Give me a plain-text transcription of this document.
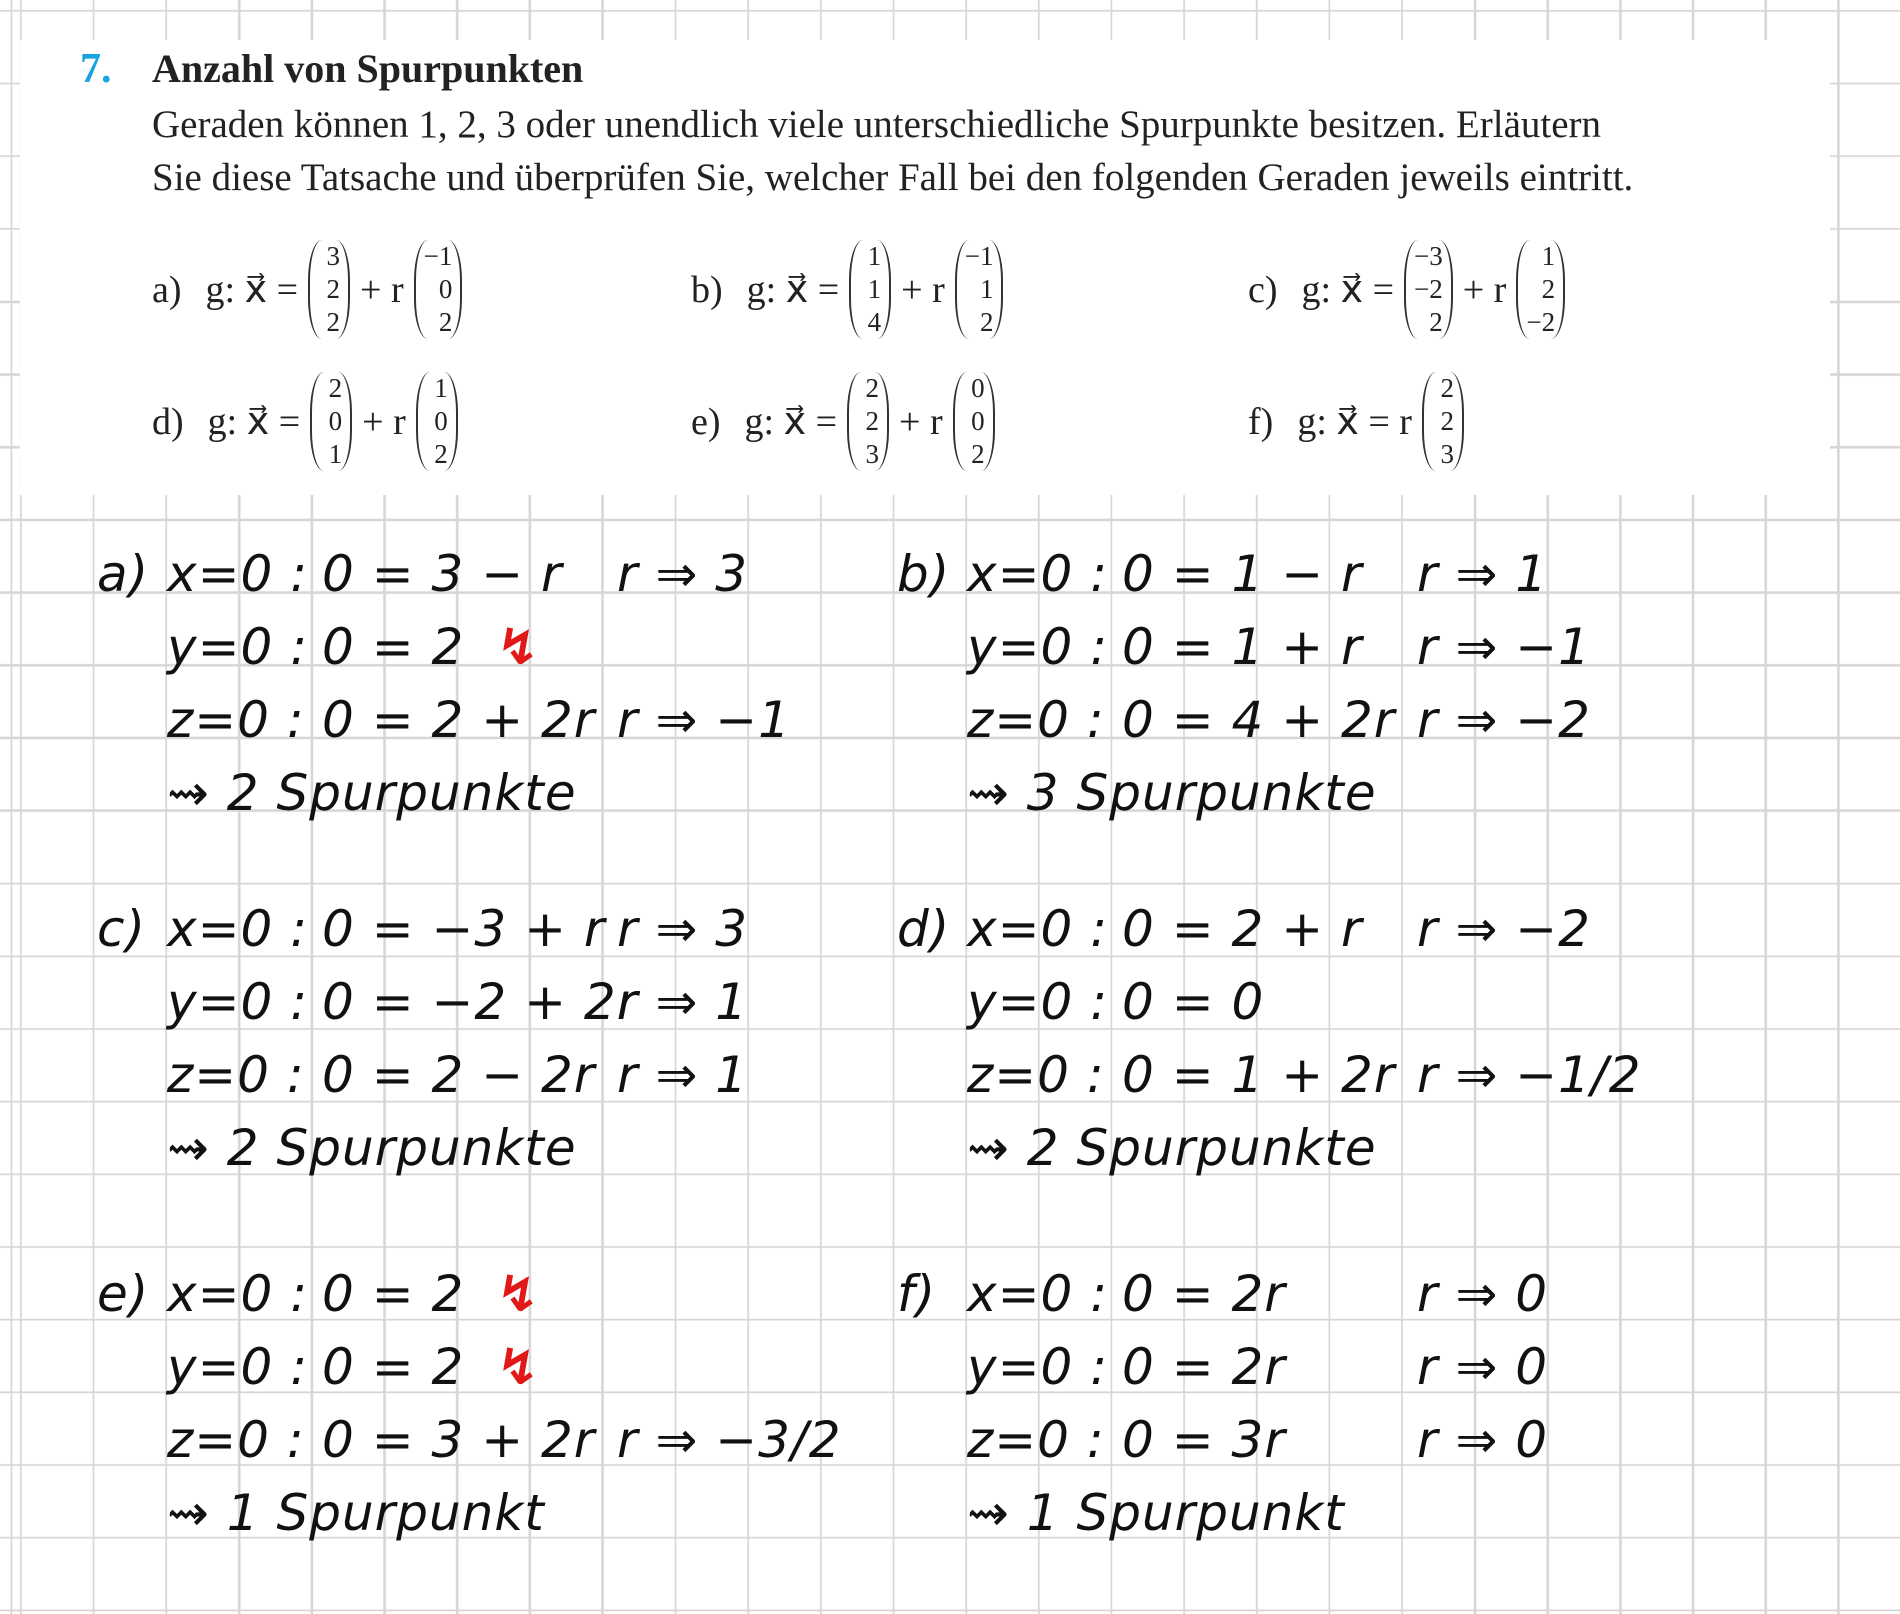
7. Anzahl von Spurpunkten
Geraden können 1, 2, 3 oder unendlich viele unterschiedliche Spurpunkte besitzen. Erläutern
Sie diese Tatsache und überprüfen Sie, welcher Fall bei den folgenden Geraden jeweils eintritt.
a) g: x⃗ =
3
2
2
+ r
−1
0
2
b) g: x⃗ =
1
1
4
+ r
−1
1
2
c) g: x⃗ =
−3
−2
2
+ r
1
2
−2
d) g: x⃗ =
2
0
1
+ r
1
0
2
e) g: x⃗ =
2
2
3
+ r
0
0
2
f) g: x⃗ = r
2
2
3
a) x=0 : 0 = 3 − r r ⇒ 3
y=0 : 0 = 2 ↯
z=0 : 0 = 2 + 2r r ⇒ −1
⇝ 2 Spurpunkte
b) x=0 : 0 = 1 − r r ⇒ 1
y=0 : 0 = 1 + r r ⇒ −1
z=0 : 0 = 4 + 2r r ⇒ −2
⇝ 3 Spurpunkte
c) x=0 : 0 = −3 + r r ⇒ 3
y=0 : 0 = −2 + 2r
r ⇒ 1
z=0 : 0 = 2 − 2r r ⇒ 1
⇝ 2 Spurpunkte
d) x=0 : 0 = 2 + r r ⇒ −2
y=0 : 0 = 0
z=0 : 0 = 1 + 2r r ⇒ −1/2
⇝ 2 Spurpunkte
e) x=0 : 0 = 2 ↯
y=0 : 0 = 2 ↯
z=0 : 0 = 3 + 2r r ⇒ −3/2
⇝ 1 Spurpunkt
f) x=0 : 0 = 2r	r ⇒ 0
y=0 : 0 = 2r	r ⇒ 0
z=0 : 0 = 3r	r ⇒ 0
⇝ 1 Spurpunkt
